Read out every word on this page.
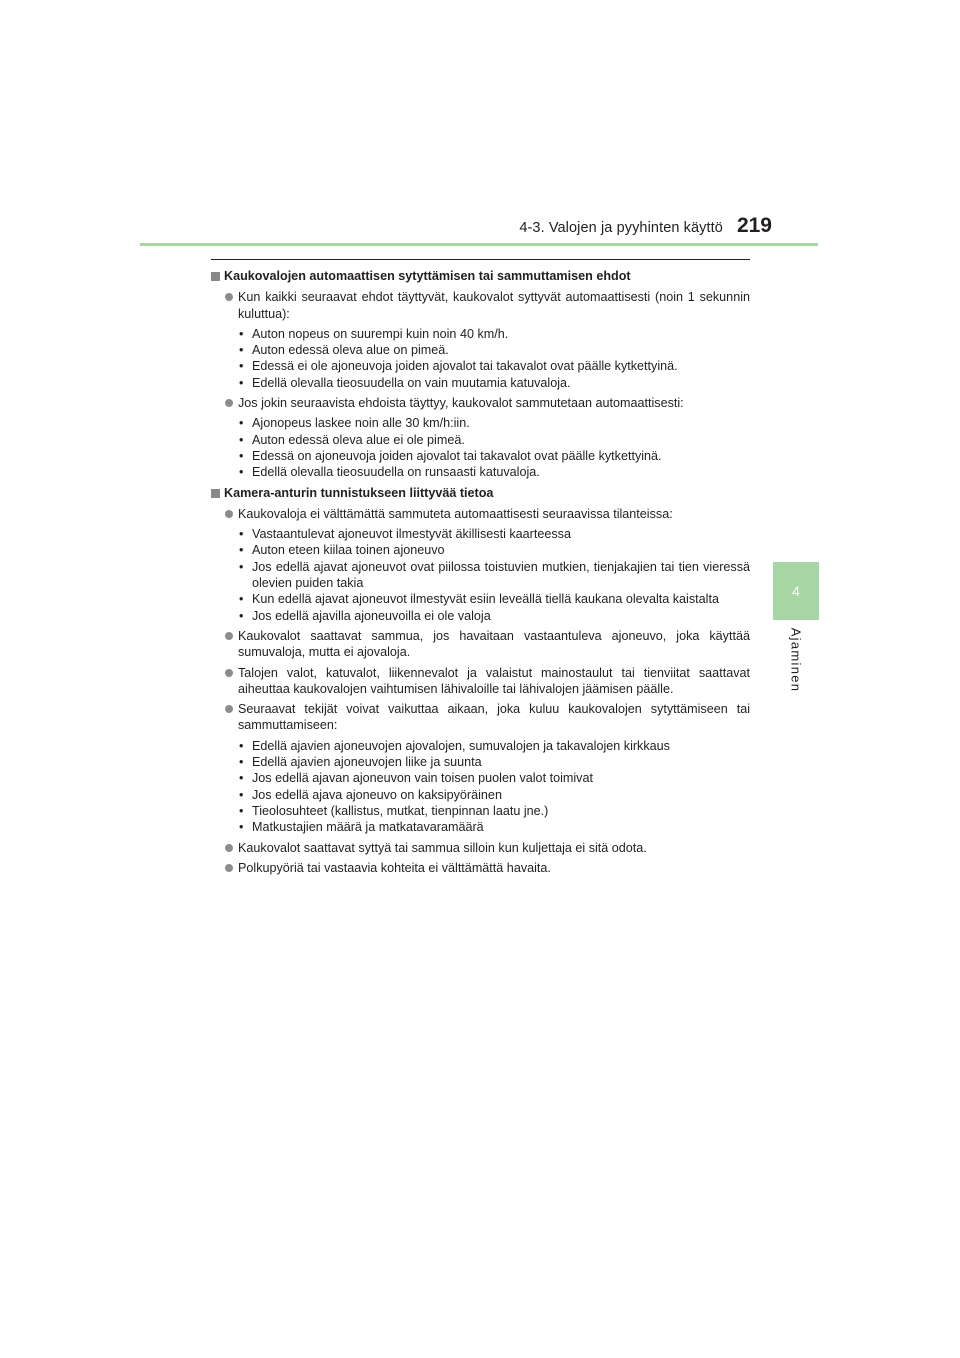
4-3. Valojen ja pyyhinten käyttö 219
4
Ajaminen
Kaukovalojen automaattisen sytyttämisen tai sammuttamisen ehdot
Kun kaikki seuraavat ehdot täyttyvät, kaukovalot syttyvät automaattisesti (noin 1 sekunnin kuluttua):
• Auton nopeus on suurempi kuin noin 40 km/h.
• Auton edessä oleva alue on pimeä.
• Edessä ei ole ajoneuvoja joiden ajovalot tai takavalot ovat päälle kytkettyinä.
• Edellä olevalla tieosuudella on vain muutamia katuvaloja.
Jos jokin seuraavista ehdoista täyttyy, kaukovalot sammutetaan automaattisesti:
• Ajonopeus laskee noin alle 30 km/h:iin.
• Auton edessä oleva alue ei ole pimeä.
• Edessä on ajoneuvoja joiden ajovalot tai takavalot ovat päälle kytkettyinä.
• Edellä olevalla tieosuudella on runsaasti katuvaloja.
Kamera-anturin tunnistukseen liittyvää tietoa
Kaukovaloja ei välttämättä sammuteta automaattisesti seuraavissa tilanteissa:
• Vastaantulevat ajoneuvot ilmestyvät äkillisesti kaarteessa
• Auton eteen kiilaa toinen ajoneuvo
• Jos edellä ajavat ajoneuvot ovat piilossa toistuvien mutkien, tienjakajien tai tien vieressä olevien puiden takia
• Kun edellä ajavat ajoneuvot ilmestyvät esiin leveällä tiellä kaukana olevalta kaistalta
• Jos edellä ajavilla ajoneuvoilla ei ole valoja
Kaukovalot saattavat sammua, jos havaitaan vastaantuleva ajoneuvo, joka käyttää sumuvaloja, mutta ei ajovaloja.
Talojen valot, katuvalot, liikennevalot ja valaistut mainostaulut tai tienviitat saattavat aiheuttaa kaukovalojen vaihtumisen lähivaloille tai lähivalojen jäämisen päälle.
Seuraavat tekijät voivat vaikuttaa aikaan, joka kuluu kaukovalojen sytyttämiseen tai sammuttamiseen:
• Edellä ajavien ajoneuvojen ajovalojen, sumuvalojen ja takavalojen kirkkaus
• Edellä ajavien ajoneuvojen liike ja suunta
• Jos edellä ajavan ajoneuvon vain toisen puolen valot toimivat
• Jos edellä ajava ajoneuvo on kaksipyöräinen
• Tieolosuhteet (kallistus, mutkat, tienpinnan laatu jne.)
• Matkustajien määrä ja matkatavaramäärä
Kaukovalot saattavat syttyä tai sammua silloin kun kuljettaja ei sitä odota.
Polkupyöriä tai vastaavia kohteita ei välttämättä havaita.
